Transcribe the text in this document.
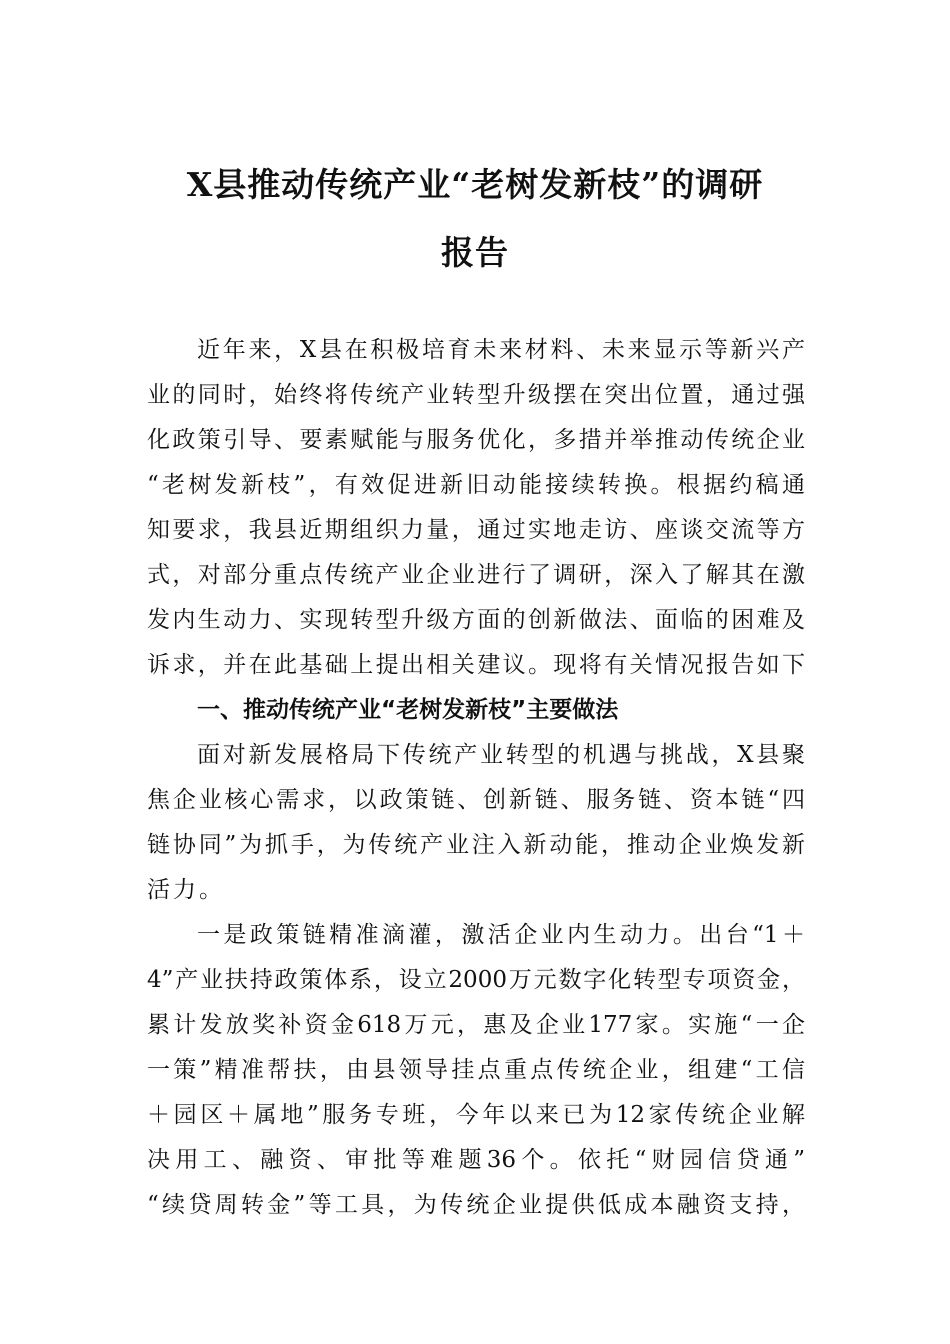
X县推动传统产业“老树发新枝”的调研
报告
近年来，X县在积极培育未来材料、未来显示等新兴产
业的同时，始终将传统产业转型升级摆在突出位置，通过强
化政策引导、要素赋能与服务优化，多措并举推动传统企业
“老树发新枝”，有效促进新旧动能接续转换。根据约稿通
知要求，我县近期组织力量，通过实地走访、座谈交流等方
式，对部分重点传统产业企业进行了调研，深入了解其在激
发内生动力、实现转型升级方面的创新做法、面临的困难及
诉求，并在此基础上提出相关建议。现将有关情况报告如下
一、推动传统产业“老树发新枝”主要做法
面对新发展格局下传统产业转型的机遇与挑战，X县聚
焦企业核心需求，以政策链、创新链、服务链、资本链“四
链协同”为抓手，为传统产业注入新动能，推动企业焕发新
活力。
一是政策链精准滴灌，激活企业内生动力。出台“1＋
4”产业扶持政策体系，设立2000万元数字化转型专项资金，
累计发放奖补资金618万元，惠及企业177家。实施“一企
一策”精准帮扶，由县领导挂点重点传统企业，组建“工信
＋园区＋属地”服务专班，今年以来已为12家传统企业解
决用工、融资、审批等难题36个。依托“财园信贷通”
“续贷周转金”等工具，为传统企业提供低成本融资支持，
